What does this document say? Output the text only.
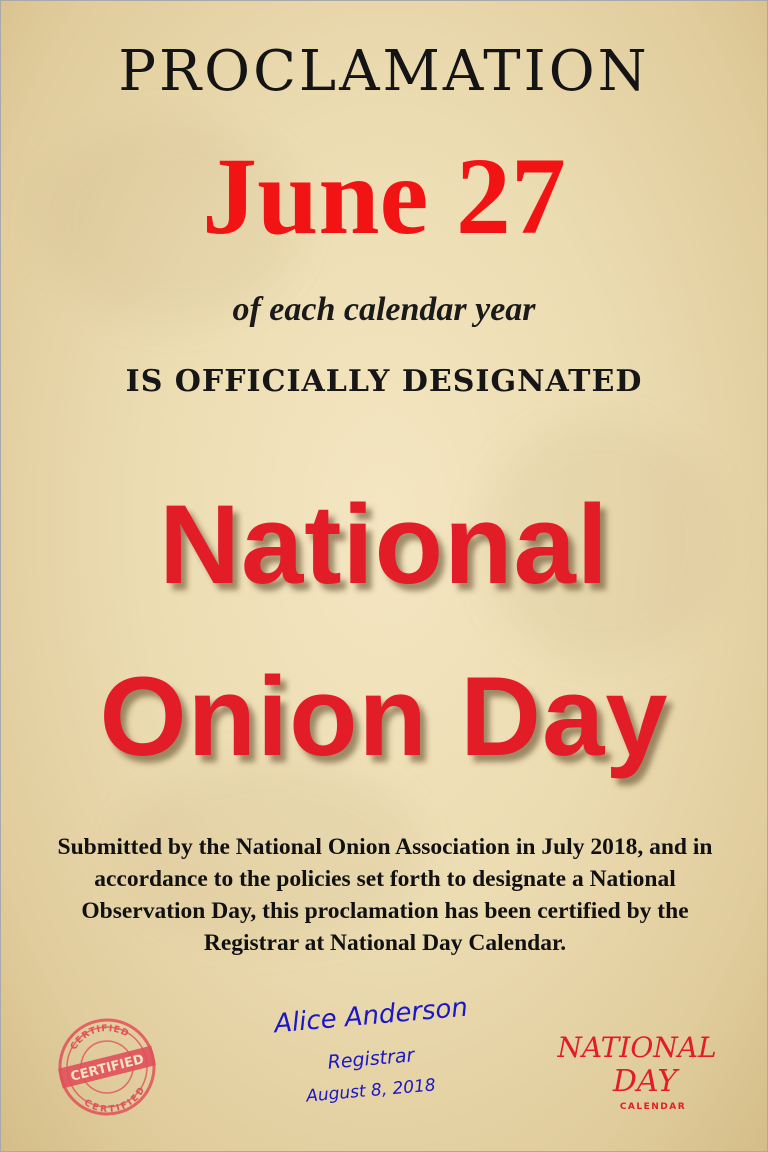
PROCLAMATION
June 27
of each calendar year
IS OFFICIALLY DESIGNATED
National
Onion Day
Submitted by the National Onion Association in July 2018, and in accordance to the policies set forth to designate a National Observation Day, this proclamation has been certified by the Registrar at National Day Calendar.
Alice Anderson
Registrar
August 8, 2018
CERTIFIED
CERTIFIED
CERTIFIED
NATIONAL
DAY
CALENDAR
